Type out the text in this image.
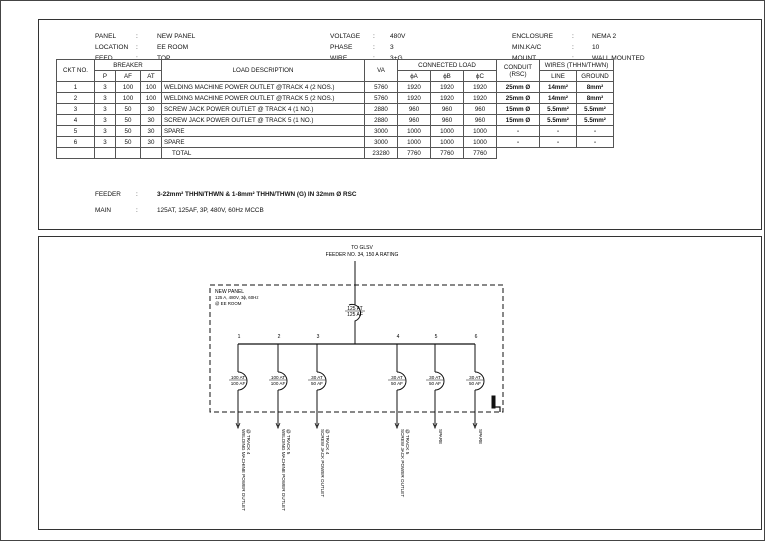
PANEL	:	NEW PANEL
LOCATION :	EE ROOM
FEED	:	TOP
VOLTAGE : 480V
PHASE	: 3
WIRE	: 3+G
ENCLOSURE	:	NEMA 2
MIN.KA/C	:	10
MOUNT	:	WALL MOUNTED
CKT NO.	BREAKER			LOAD DESCRIPTION	VA	CONNECTED LOAD			CONDUIT (RSC)	WIRES (THHN/THWN)	
	P	AF	AT			ϕA	ϕB	ϕC		LINE	GROUND
1	3	100	100	WELDING MACHINE POWER OUTLET @TRACK 4 (2 NOS.)	5760	1920	1920	1920	25mm Ø	14mm²	8mm²
2	3	100	100	WELDING MACHINE POWER OUTLET @TRACK 5 (2 NOS.)	5760	1920	1920	1920	25mm Ø	14mm²	8mm²
3	3	50	30	SCREW JACK POWER OUTLET @ TRACK 4 (1 NO.)	2880	960	960	960	15mm Ø	5.5mm²	5.5mm²
4	3	50	30	SCREW JACK POWER OUTLET @ TRACK 5 (1 NO.)	2880	960	960	960	15mm Ø	5.5mm²	5.5mm²
5	3	50	30	SPARE	3000	1000	1000	1000	-	-	-
6	3	50	30	SPARE	3000	1000	1000	1000	-	-	-
				TOTAL	23280	7760	7760	7760			
FEEDER :	3-22mm² THHN/THWN & 1-8mm² THHN/THWN (G) IN 32mm Ø RSC
MAIN	:	125AT, 125AF, 3P, 480V, 60Hz MCCB
TO GLSV
FEEDER NO. 34, 150 A RATING
NEW PANEL
125 A, 480V, 3ϕ, 60Hz
@ EE ROOM
125 AT
125 AF
1
100 AT
100 AF
WELDING MACHINE POWER OUTLET @ TRACK 4
2
100 AT
100 AF
WELDING MACHINE POWER OUTLET @ TRACK 5
3
30 AT
50 AF
SCREW JACK POWER OUTLET @ TRACK 4
4
30 AT
50 AF
SCREW JACK POWER OUTLET @ TRACK 5
5
30 AT
50 AF
SPARE
6
30 AT
50 AF
SPARE
